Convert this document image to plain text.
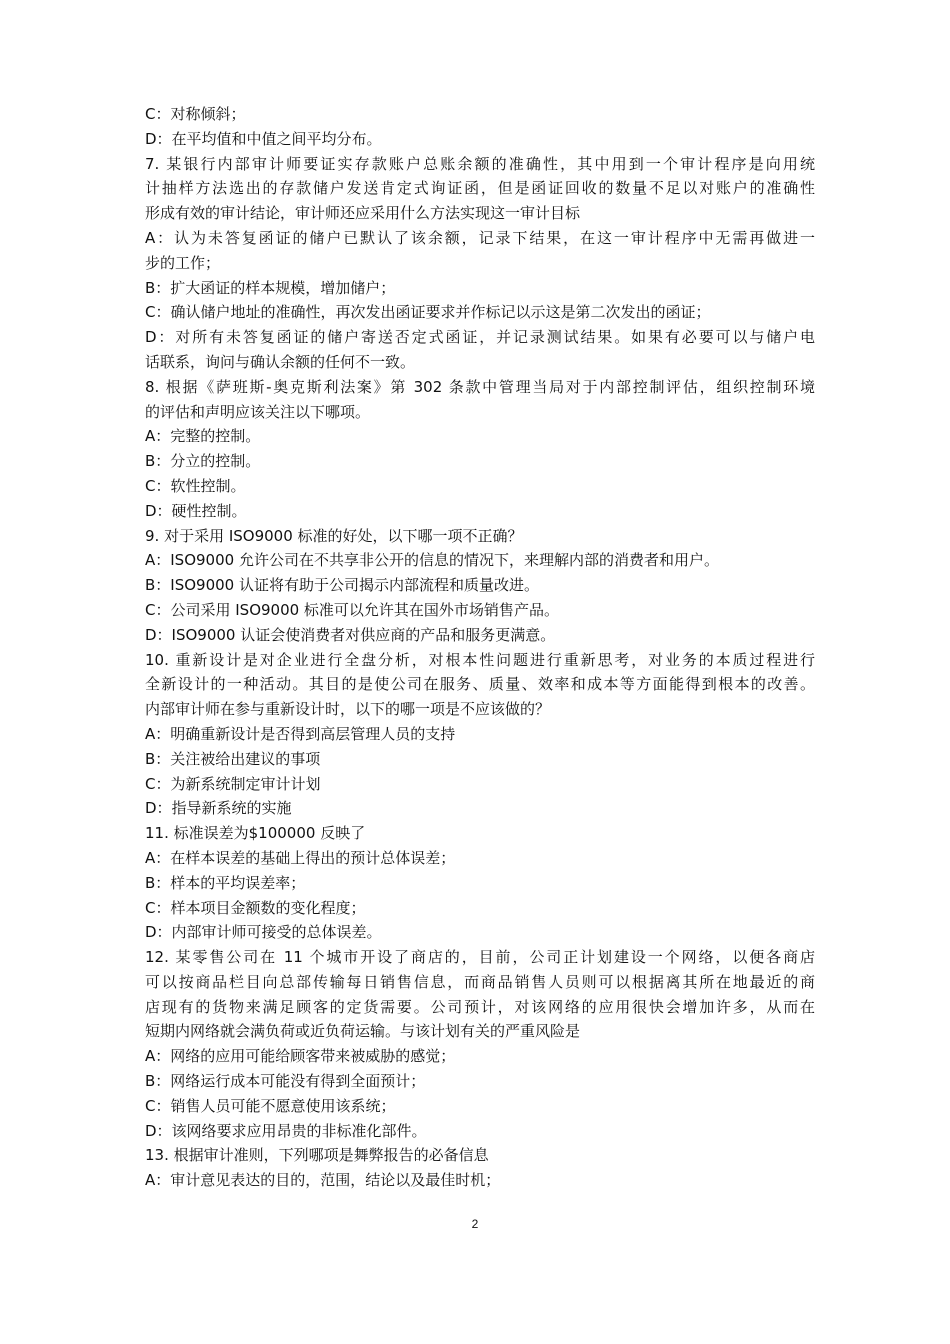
C：对称倾斜；
D：在平均值和中值之间平均分布。
7. 某银行内部审计师要证实存款账户总账余额的准确性，其中用到一个审计程序是向用统
计抽样方法选出的存款储户发送肯定式询证函，但是函证回收的数量不足以对账户的准确性
形成有效的审计结论，审计师还应采用什么方法实现这一审计目标
A：认为未答复函证的储户已默认了该余额，记录下结果，在这一审计程序中无需再做进一
步的工作；
B：扩大函证的样本规模，增加储户；
C：确认储户地址的准确性，再次发出函证要求并作标记以示这是第二次发出的函证；
D：对所有未答复函证的储户寄送否定式函证，并记录测试结果。如果有必要可以与储户电
话联系，询问与确认余额的任何不一致。
8. 根据《萨班斯-奥克斯利法案》第 302 条款中管理当局对于内部控制评估，组织控制环境
的评估和声明应该关注以下哪项。
A：完整的控制。
B：分立的控制。
C：软性控制。
D：硬性控制。
9. 对于采用 ISO9000 标准的好处，以下哪一项不正确？
A：ISO9000 允许公司在不共享非公开的信息的情况下，来理解内部的消费者和用户。
B：ISO9000 认证将有助于公司揭示内部流程和质量改进。
C：公司采用 ISO9000 标准可以允许其在国外市场销售产品。
D：ISO9000 认证会使消费者对供应商的产品和服务更满意。
10. 重新设计是对企业进行全盘分析，对根本性问题进行重新思考，对业务的本质过程进行
全新设计的一种活动。其目的是使公司在服务、质量、效率和成本等方面能得到根本的改善。
内部审计师在参与重新设计时，以下的哪一项是不应该做的？
A：明确重新设计是否得到高层管理人员的支持
B：关注被给出建议的事项
C：为新系统制定审计计划
D：指导新系统的实施
11. 标准误差为$100000 反映了
A：在样本误差的基础上得出的预计总体误差；
B：样本的平均误差率；
C：样本项目金额数的变化程度；
D：内部审计师可接受的总体误差。
12. 某零售公司在 11 个城市开设了商店的，目前，公司正计划建设一个网络，以便各商店
可以按商品栏目向总部传输每日销售信息，而商品销售人员则可以根据离其所在地最近的商
店现有的货物来满足顾客的定货需要。公司预计，对该网络的应用很快会增加许多，从而在
短期内网络就会满负荷或近负荷运输。与该计划有关的严重风险是
A：网络的应用可能给顾客带来被威胁的感觉；
B：网络运行成本可能没有得到全面预计；
C：销售人员可能不愿意使用该系统；
D：该网络要求应用昂贵的非标准化部件。
13. 根据审计准则，下列哪项是舞弊报告的必备信息
A：审计意见表达的目的，范围，结论以及最佳时机；
2
